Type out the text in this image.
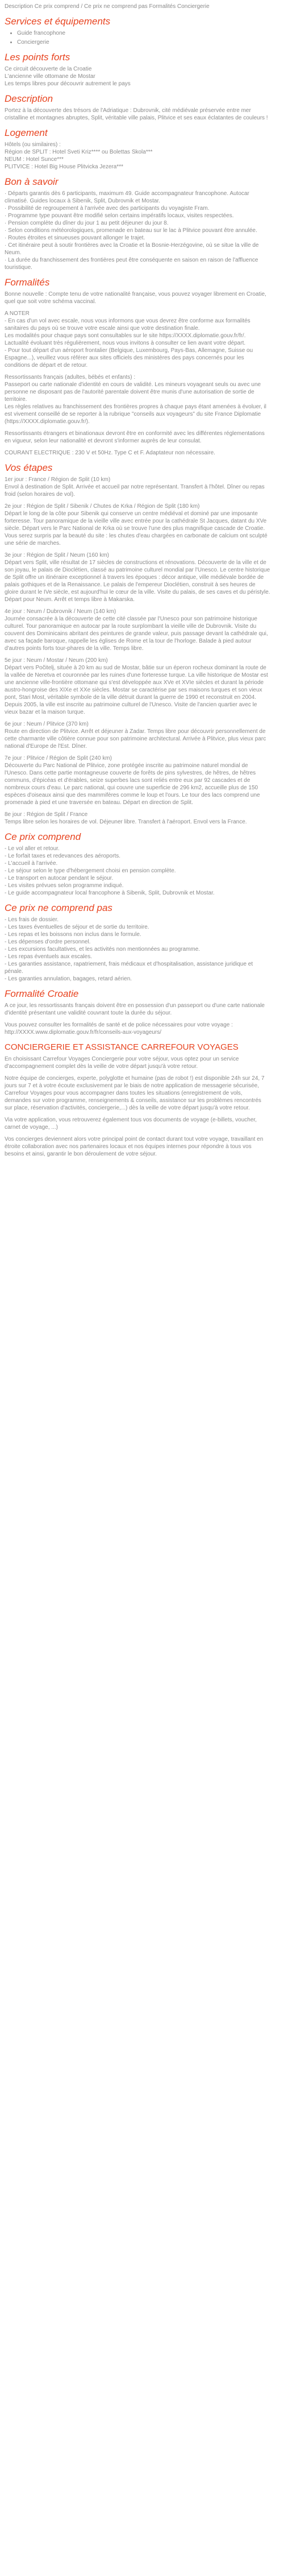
Description Ce prix comprend / Ce prix ne comprend pas Formalités Conciergerie
Services et équipements
• Guide francophone
• Conciergerie
Les points forts

Ce circuit découverte de la Croatie

L'ancienne ville ottomane de Mostar

Les temps libres pour découvrir autrement le pays

Description

Portez à la découverte des trésors de l'Adriatique : Dubrovnik, cité médiévale préservée entre mer cristalline et montagnes abruptes, Split, véritable ville palais, Plitvice et ses eaux éclatantes de couleurs !

Logement

Hôtels (ou similaires) :

Région de SPLIT : Hotel Sveti Kriz**** ou Bolettas Skola***

NEUM : Hotel Sunce***

PLITVICE : Hotel Big House Plitvicka Jezera***

Bon à savoir

· Départs garantis dès 6 participants, maximum 49. Guide accompagnateur francophone. Autocar climatisé. Guides locaux à Sibenik, Split, Dubrovnik et Mostar.

· Possibilité de regroupement à l'arrivée avec des participants du voyagiste Fram.

· Programme type pouvant être modifié selon certains impératifs locaux, visites respectées.

· Pension complète du dîner du jour 1 au petit déjeuner du jour 8.

· Selon conditions météorologiques, promenade en bateau sur le lac à Plitvice pouvant être annulée.

· Routes étroites et sinueuses pouvant allonger le trajet.

· Cet itinéraire peut à soutir frontières avec la Croatie et la Bosnie-Herzégovine, où se situe la ville de Neum.

· La durée du franchissement des frontières peut être conséquente en saison en raison de l'affluence touristique.

Formalités

Bonne nouvelle : Compte tenu de votre nationalité française, vous pouvez voyager librement en Croatie, quel que soit votre schéma vaccinal.

A NOTER
- En cas d'un vol avec escale, nous vous informons que vous devrez être conforme aux formalités sanitaires du pays où se trouve votre escale ainsi que votre destination finale.
Les modalités pour chaque pays sont consultables sur le site https://XXXX.diplomatie.gouv.fr/fr/. Lactualité évoluant très régulièrement, nous vous invitons à consulter ce lien avant votre départ.
- Pour tout départ d'un aéroport frontalier (Belgique, Luxembourg, Pays-Bas, Allemagne, Suisse ou Espagne...), veuillez vous référer aux sites officiels des ministères des pays concernés pour les conditions de départ et de retour.

Ressortissants français (adultes, bébés et enfants) :
Passeport ou carte nationale d'identité en cours de validité. Les mineurs voyageant seuls ou avec une personne ne disposant pas de l'autorité parentale doivent être munis d'une autorisation de sortie de territoire.
Les règles relatives au franchissement des frontières propres à chaque pays étant amenées à évoluer, il est vivement conseillé de se reporter à la rubrique "conseils aux voyageurs" du site France Diplomatie (https://XXXX.diplomatie.gouv.fr/).

Ressortissants étrangers et binationaux devront être en conformité avec les différentes réglementations en vigueur, selon leur nationalité et devront s'informer auprès de leur consulat.

COURANT ELECTRIQUE : 230 V et 50Hz. Type C et F. Adaptateur non nécessaire.

Vos étapes

1er jour : France / Région de Split (10 km)
Envol à destination de Split. Arrivée et accueil par notre représentant. Transfert à l'hôtel. Dîner ou repas froid (selon horaires de vol).

2e jour : Région de Split / Sibenik / Chutes de Krka / Région de Split (180 km)
Départ le long de la côte pour Sibenik qui conserve un centre médiéval et dominé par une imposante forteresse. Tour panoramique de la vieille ville avec entrée pour la cathédrale St Jacques, datant du XVe siècle. Départ vers le Parc National de Krka où se trouve l'une des plus magnifique cascade de Croatie. Vous serez surpris par la beauté du site : les chutes d'eau chargées en carbonate de calcium ont sculpté une série de marches.

3e jour : Région de Split / Neum (160 km)
Départ vers Split, ville résultat de 17 siècles de constructions et rénovations. Découverte de la ville et de son joyau, le palais de Dioclétien, classé au patrimoine culturel mondial par l'Unesco. Le centre historique de Split offre un itinéraire exceptionnel à travers les époques : décor antique, ville médiévale bordée de palais gothiques et de la Renaissance. Le palais de l'empereur Dioclétien, construit à ses heures de gloire durant le IVe siècle, est aujourd'hui le cœur de la ville. Visite du palais, de ses caves et du péristyle. Départ pour Neum. Arrêt et temps libre à Makarska.

4e jour : Neum / Dubrovnik / Neum (140 km)
Journée consacrée à la découverte de cette cité classée par l'Unesco pour son patrimoine historique culturel. Tour panoramique en autocar par la route surplombant la vieille ville de Dubrovnik. Visite du couvent des Dominicains abritant des peintures de grande valeur, puis passage devant la cathédrale qui, avec sa façade baroque, rappelle les églises de Rome et la tour de l'horloge. Balade à pied autour d'autres points forts tour-phares de la ville. Temps libre.

5e jour : Neum / Mostar / Neum (200 km)
Départ vers Počitelj, située à 20 km au sud de Mostar, bâtie sur un éperon rocheux dominant la route de la vallée de Neretva et couronnée par les ruines d'une forteresse turque. La ville historique de Mostar est une ancienne ville-frontière ottomane qui s'est développée aux XVe et XVIe siècles et durant la période austro-hongroise des XIXe et XXe siècles. Mostar se caractérise par ses maisons turques et son vieux pont, Stari Most, véritable symbole de la ville détruit durant la guerre de 1990 et reconstruit en 2004. Depuis 2005, la ville est inscrite au patrimoine culturel de l'Unesco. Visite de l'ancien quartier avec le vieux bazar et la maison turque.

6e jour : Neum / Plitvice (370 km)
Route en direction de Plitvice. Arrêt et déjeuner à Zadar. Temps libre pour découvrir personnellement de cette charmante ville côtière connue pour son patrimoine architectural. Arrivée à Plitvice, plus vieux parc national d'Europe de l'Est. Dîner.

7e jour : Plitvice / Région de Split (240 km)
Découverte du Parc National de Plitvice, zone protégée inscrite au patrimoine naturel mondial de l'Unesco. Dans cette partie montagneuse couverte de forêts de pins sylvestres, de hêtres, de hêtres communs, d'épicéas et d'érables, seize superbes lacs sont reliés entre eux par 92 cascades et de nombreux cours d'eau. Le parc national, qui couvre une superficie de 296 km2, accueille plus de 150 espèces d'oiseaux ainsi que des mammifères comme le loup et l'ours. Le tour des lacs comprend une promenade à pied et une traversée en bateau. Départ en direction de Split.

8e jour : Région de Split / France
Temps libre selon les horaires de vol. Déjeuner libre. Transfert à l'aéroport. Envol vers la France.

Ce prix comprend

- Le vol aller et retour.

- Le forfait taxes et redevances des aéroports.

- L'accueil à l'arrivée.

- Le séjour selon le type d'hébergement choisi en pension complète.

- Le transport en autocar pendant le séjour.

- Les visites prévues selon programme indiqué.

- Le guide accompagnateur local francophone à Sibenik, Split, Dubrovnik et Mostar.

Ce prix ne comprend pas

- Les frais de dossier.

- Les taxes éventuelles de séjour et de sortie du territoire.

- Les repas et les boissons non inclus dans le formule.

- Les dépenses d'ordre personnel.

- Les excursions facultatives, et les activités non mentionnées au programme.

- Les repas éventuels aux escales.

- Les garanties assistance, rapatriement, frais médicaux et d'hospitalisation, assistance juridique et pénale.

- Les garanties annulation, bagages, retard aérien.

Formalité Croatie

A ce jour, les ressortissants français doivent être en possession d'un passeport ou d'une carte nationale d'identité présentant une validité couvrant toute la durée du séjour.

Vous pouvez consulter les formalités de santé et de police nécessaires pour votre voyage : http://XXXX.www.diplomatie.gouv.fr/fr/conseils-aux-voyageurs/

CONCIERGERIE ET ASSISTANCE CARREFOUR VOYAGES

En choisissant Carrefour Voyages Conciergerie pour votre séjour, vous optez pour un service d'accompagnement complet dès la veille de votre départ jusqu'à votre retour.

Notre équipe de concierges, experte, polyglotte et humaine (pas de robot !) est disponible 24h sur 24, 7 jours sur 7 et à votre écoute exclusivement par le biais de notre application de messagerie sécurisée, Carrefour Voyages pour vous accompagner dans toutes les situations (enregistrement de vols, demandes sur votre programme, renseignements & conseils, assistance sur les problèmes rencontrés sur place, réservation d'activités, conciergerie,...) dès la veille de votre départ jusqu'à votre retour.

Via votre application, vous retrouverez également tous vos documents de voyage (e-billets, voucher, carnet de voyage, ...)

Vos concierges deviennent alors votre principal point de contact durant tout votre voyage, travaillant en étroite collaboration avec nos partenaires locaux et nos équipes internes pour répondre à tous vos besoins et ainsi, garantir le bon déroulement de votre séjour.
